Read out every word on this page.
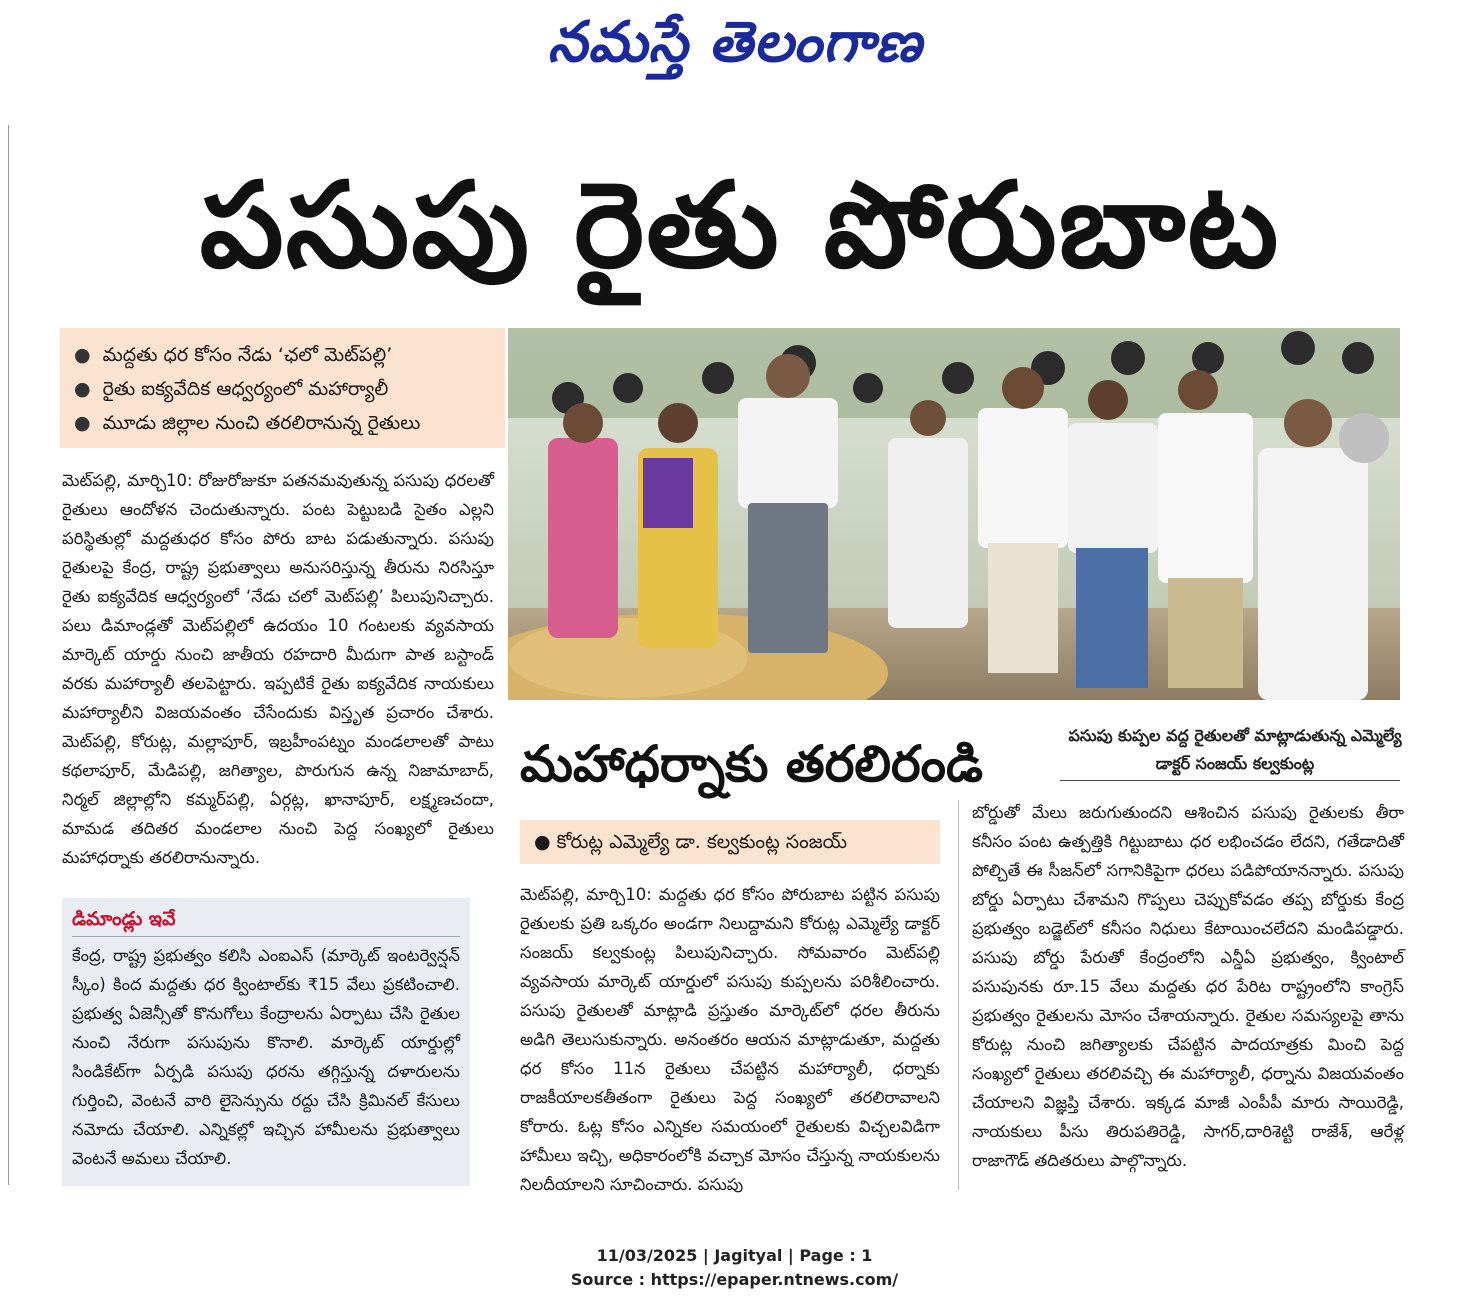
నమస్తే తెలంగాణ
పసుపు రైతు పోరుబాట
● మద్దతు ధర కోసం నేడు ‘ఛలో మెట్‌పల్లి’
● రైతు ఐక్యవేదిక ఆధ్వర్యంలో మహార్యాలీ
● మూడు జిల్లాల నుంచి తరలిరానున్న రైతులు
మెట్‌పల్లి, మార్చి10: రోజురోజుకూ పతనమవుతున్న పసుపు ధరలతో రైతులు ఆందోళన చెందుతున్నారు. పంట పెట్టుబడి సైతం ఎల్లని పరిస్థితుల్లో మద్దతుధర కోసం పోరు బాట పడుతున్నారు. పసుపు రైతులపై కేంద్ర, రాష్ట్ర ప్రభుత్వాలు అనుసరిస్తున్న తీరును నిరసిస్తూ రైతు ఐక్యవేదిక ఆధ్వర్యంలో ‘నేడు చలో మెట్‌పల్లి’ పిలుపునిచ్చారు. పలు డిమాండ్లతో మెట్‌పల్లిలో ఉదయం 10 గంటలకు వ్యవసాయ మార్కెట్ యార్డు నుంచి జాతీయ రహదారి మీదుగా పాత బస్టాండ్ వరకు మహార్యాలీ తలపెట్టారు. ఇప్పటికే రైతు ఐక్యవేదిక నాయకులు మహార్యాలీని విజయవంతం చేసేందుకు విస్తృత ప్రచారం చేశారు. మెట్‌పల్లి, కోరుట్ల, మల్లాపూర్, ఇబ్రహీంపట్నం మండలాలతో పాటు కథలాపూర్, మేడిపల్లి, జగిత్యాల, పొరుగున ఉన్న నిజామాబాద్, నిర్మల్ జిల్లాల్లోని కమ్మర్‌పల్లి, ఏర్గట్ల, ఖానాపూర్, లక్ష్మణచందా, మామడ తదితర మండలాల నుంచి పెద్ద సంఖ్యలో రైతులు మహాధర్నాకు తరలిరానున్నారు.
డిమాండ్లు ఇవే
కేంద్ర, రాష్ట్ర ప్రభుత్వం కలిసి ఎంఐఎస్ (మార్కెట్ ఇంటర్వెన్షన్ స్కీం) కింద మద్దతు ధర క్వింటాల్‌కు ₹15 వేలు ప్రకటించాలి. ప్రభుత్వ ఏజెన్సీతో కొనుగోలు కేంద్రాలను ఏర్పాటు చేసి రైతుల నుంచి నేరుగా పసుపును కొనాలి. మార్కెట్ యార్డుల్లో సిండికేట్‌గా ఏర్పడి పసుపు ధరను తగ్గిస్తున్న దళారులను గుర్తించి, వెంటనే వారి లైసెన్సును రద్దు చేసి క్రిమినల్ కేసులు నమోదు చేయాలి. ఎన్నికల్లో ఇచ్చిన హామీలను ప్రభుత్వాలు వెంటనే అమలు చేయాలి.
మహాధర్నాకు తరలిరండి	పసుపు కుప్పల వద్ద రైతులతో మాట్లాడుతున్న ఎమ్మెల్యే డాక్టర్ సంజయ్ కల్వకుంట్ల
● కోరుట్ల ఎమ్మెల్యే డా. కల్వకుంట్ల సంజయ్
మెట్‌పల్లి, మార్చి10: మద్దతు ధర కోసం పోరుబాట పట్టిన పసుపు రైతులకు ప్రతి ఒక్కరం అండగా నిలుద్దామని కోరుట్ల ఎమ్మెల్యే డాక్టర్ సంజయ్ కల్వకుంట్ల పిలుపునిచ్చారు. సోమవారం మెట్‌పల్లి వ్యవసాయ మార్కెట్ యార్డులో పసుపు కుప్పలను పరిశీలించారు. పసుపు రైతులతో మాట్లాడి ప్రస్తుతం మార్కెట్‌లో ధరల తీరును అడిగి తెలుసుకున్నారు. అనంతరం ఆయన మాట్లాడుతూ, మద్దతు ధర కోసం 11న రైతులు చేపట్టిన మహార్యాలీ, ధర్నాకు రాజకీయాలకతీతంగా రైతులు పెద్ద సంఖ్యలో తరలిరావాలని కోరారు. ఓట్ల కోసం ఎన్నికల సమయంలో రైతులకు విచ్చలవిడిగా హామీలు ఇచ్చి, అధికారంలోకి వచ్చాక మోసం చేస్తున్న నాయకులను నిలదీయాలని సూచించారు. పసుపు
బోర్డుతో మేలు జరుగుతుందని ఆశించిన పసుపు రైతులకు తీరా కనీసం పంట ఉత్పత్తికి గిట్టుబాటు ధర లభించడం లేదని, గతేడాదితో పోల్చితే ఈ సీజన్‌లో సగానికిపైగా ధరలు పడిపోయానన్నారు. పసుపు బోర్డు ఏర్పాటు చేశామని గొప్పలు చెప్పుకోవడం తప్ప బోర్డుకు కేంద్ర ప్రభుత్వం బడ్జెట్‌లో కనీసం నిధులు కేటాయించలేదని మండిపడ్డారు. పసుపు బోర్డు పేరుతో కేంద్రంలోని ఎన్డీఏ ప్రభుత్వం, క్వింటాల్ పసుపునకు రూ.15 వేలు మద్దతు ధర పేరిట రాష్ట్రంలోని కాంగ్రెస్ ప్రభుత్వం రైతులను మోసం చేశాయన్నారు. రైతుల సమస్యలపై తాను కోరుట్ల నుంచి జగిత్యాలకు చేపట్టిన పాదయాత్రకు మించి పెద్ద సంఖ్యలో రైతులు తరలివచ్చి ఈ మహార్యాలీ, ధర్నాను విజయవంతం చేయాలని విజ్ఞప్తి చేశారు. ఇక్కడ మాజీ ఎంపీపీ మారు సాయిరెడ్డి, నాయకులు పీసు తిరుపతిరెడ్డి, సాగర్,దారిశెట్టి రాజేశ్, ఆరేళ్ల రాజాగౌడ్ తదితరులు పాల్గొన్నారు.
11/03/2025 | Jagityal | Page : 1
Source : https://epaper.ntnews.com/
